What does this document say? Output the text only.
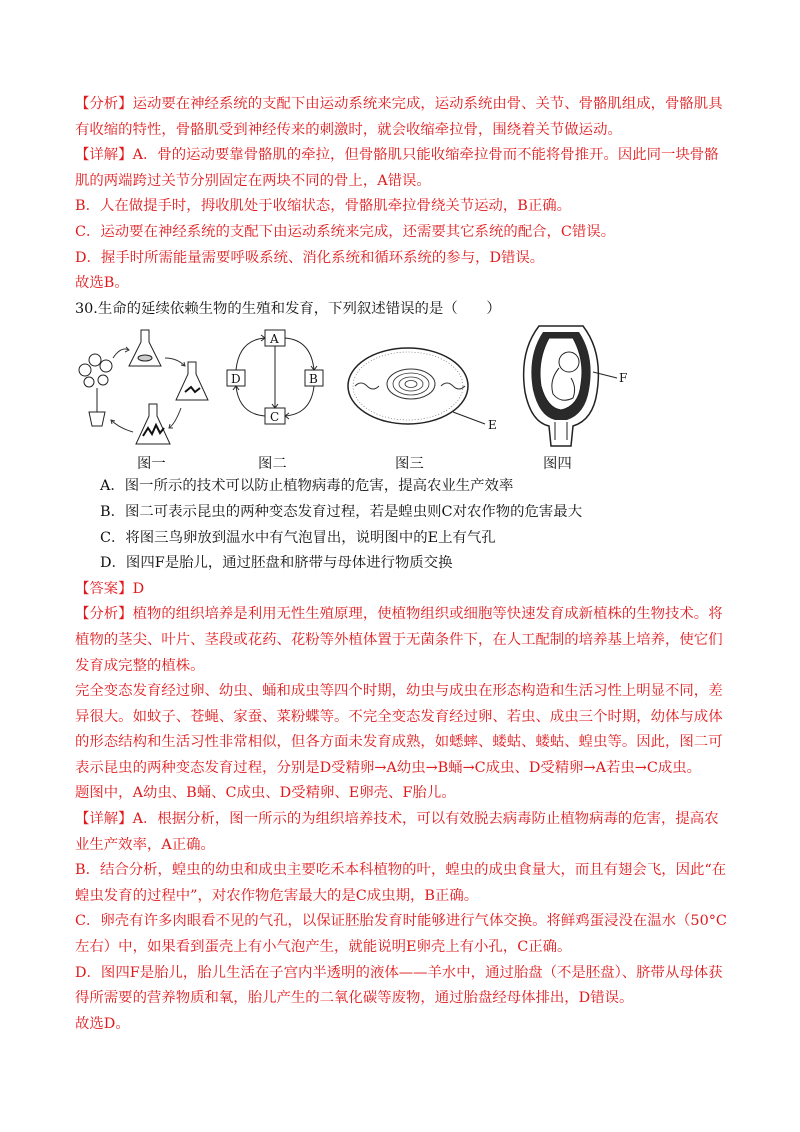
【分析】运动要在神经系统的支配下由运动系统来完成，运动系统由骨、关节、骨骼肌组成，骨骼肌具有收缩的特性，骨骼肌受到神经传来的刺激时，就会收缩牵拉骨，围绕着关节做运动。

【详解】A．骨的运动要靠骨骼肌的牵拉，但骨骼肌只能收缩牵拉骨而不能将骨推开。因此同一块骨骼肌的两端跨过关节分别固定在两块不同的骨上，A错误。

B．人在做提手时，拇收肌处于收缩状态，骨骼肌牵拉骨绕关节运动，B正确。

C．运动要在神经系统的支配下由运动系统来完成，还需要其它系统的配合，C错误。

D．握手时所需能量需要呼吸系统、消化系统和循环系统的参与，D错误。

故选B。

30.生命的延续依赖生物的生殖和发育，下列叙述错误的是（　　）

图一
A
B
C
D
图二
E
图三
F
图四

A．图一所示的技术可以防止植物病毒的危害，提高农业生产效率

B．图二可表示昆虫的两种变态发育过程，若是蝗虫则C对农作物的危害最大

C．将图三鸟卵放到温水中有气泡冒出，说明图中的E上有气孔

D．图四F是胎儿，通过胚盘和脐带与母体进行物质交换

【答案】D

【分析】植物的组织培养是利用无性生殖原理，使植物组织或细胞等快速发育成新植株的生物技术。将植物的茎尖、叶片、茎段或花药、花粉等外植体置于无菌条件下，在人工配制的培养基上培养，使它们发育成完整的植株。

完全变态发育经过卵、幼虫、蛹和成虫等四个时期，幼虫与成虫在形态构造和生活习性上明显不同，差异很大。如蚊子、苍蝇、家蚕、菜粉蝶等。不完全变态发育经过卵、若虫、成虫三个时期，幼体与成体的形态结构和生活习性非常相似，但各方面未发育成熟，如蟋蟀、蝼蛄、蝼蛄、蝗虫等。因此，图二可表示昆虫的两种变态发育过程，分别是D受精卵→A幼虫→B蛹→C成虫、D受精卵→A若虫→C成虫。

题图中，A幼虫、B蛹、C成虫、D受精卵、E卵壳、F胎儿。

【详解】A．根据分析，图一所示的为组织培养技术，可以有效脱去病毒防止植物病毒的危害，提高农业生产效率，A正确。

B．结合分析，蝗虫的幼虫和成虫主要吃禾本科植物的叶，蝗虫的成虫食量大，而且有翅会飞，因此“在蝗虫发育的过程中”，对农作物危害最大的是C成虫期，B正确。

C．卵壳有许多肉眼看不见的气孔，以保证胚胎发育时能够进行气体交换。将鲜鸡蛋浸没在温水（50°C左右）中，如果看到蛋壳上有小气泡产生，就能说明E卵壳上有小孔，C正确。

D．图四F是胎儿，胎儿生活在子宫内半透明的液体——羊水中，通过胎盘（不是胚盘）、脐带从母体获得所需要的营养物质和氧，胎儿产生的二氧化碳等废物，通过胎盘经母体排出，D错误。

故选D。
